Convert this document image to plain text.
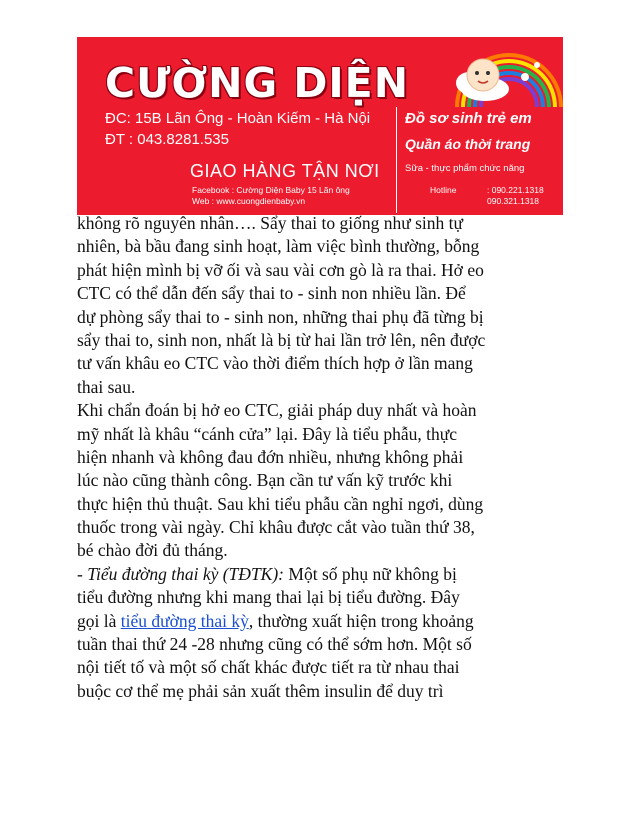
CƯỜNG DIỆN
ĐC: 15B Lãn Ông - Hoàn Kiếm - Hà Nội
ĐT : 043.8281.535
GIAO HÀNG TẬN NƠI
Facebook : Cường Diện Baby 15 Lãn ông
Web : www.cuongdienbaby.vn
Đồ sơ sinh trẻ em
Quần áo thời trang
Sữa - thực phẩm chức năng
Hotline	: 090.221.1318
090.321.1318
không rõ nguyên nhân…. Sẩy thai to giống như sinh tự
nhiên, bà bầu đang sinh hoạt, làm việc bình thường, bỗng
phát hiện mình bị vỡ ối và sau vài cơn gò là ra thai. Hở eo
CTC có thể dẫn đến sẩy thai to - sinh non nhiều lần. Để
dự phòng sẩy thai to - sinh non, những thai phụ đã từng bị
sẩy thai to, sinh non, nhất là bị từ hai lần trở lên, nên được
tư vấn khâu eo CTC vào thời điểm thích hợp ở lần mang
thai sau.
Khi chẩn đoán bị hở eo CTC, giải pháp duy nhất và hoàn
mỹ nhất là khâu “cánh cửa” lại. Đây là tiểu phẫu, thực
hiện nhanh và không đau đớn nhiều, nhưng không phải
lúc nào cũng thành công. Bạn cần tư vấn kỹ trước khi
thực hiện thủ thuật. Sau khi tiểu phẫu cần nghỉ ngơi, dùng
thuốc trong vài ngày. Chỉ khâu được cắt vào tuần thứ 38,
bé chào đời đủ tháng.
- Tiểu đường thai kỳ (TĐTK): Một số phụ nữ không bị
tiểu đường nhưng khi mang thai lại bị tiểu đường. Đây
gọi là tiểu đường thai kỳ, thường xuất hiện trong khoảng
tuần thai thứ 24 -28 nhưng cũng có thể sớm hơn. Một số
nội tiết tố và một số chất khác được tiết ra từ nhau thai
buộc cơ thể mẹ phải sản xuất thêm insulin để duy trì
